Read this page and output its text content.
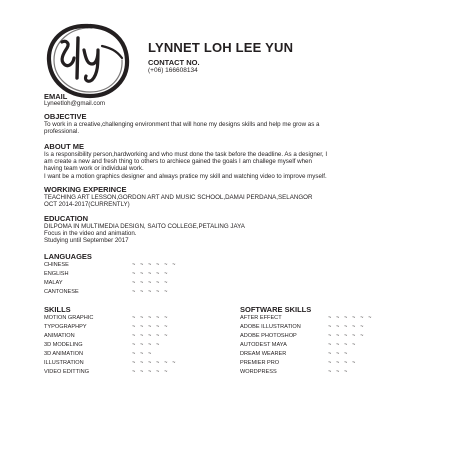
SLY
LYNNET LOH LEE YUN
CONTACT NO.
(+06) 166608134
EMAIL
Lyneetloh@gmail.com
OBJECTIVE
To work in a creative,challenging environment that will hone my designs skills and help me grow as a
professional.
ABOUT ME
Is a responsibility person,hardworking and who must done the task before the deadline. As a designer, I
am create a new and fresh thing to others to archiece gained the goals I am challege myself when
having team work or individual work.
I want be a motion graphics designer and always pratice my skill and watching video to improve myself.
WORKING EXPERINCE
TEACHING ART LESSON,GORDON ART AND MUSIC SCHOOL,DAMAI PERDANA,SELANGOR
OCT 2014-2017(CURRENTLY)
EDUCATION
DILPOMA IN MULTIMEDIA DESIGN, SAITO COLLEGE,PETALING JAYA
Focus in the video and animation.
Studying until September 2017
LANGUAGES
CHINESE	~ ~ ~ ~ ~ ~
ENGLISH	~ ~ ~ ~ ~
MALAY	~ ~ ~ ~ ~
CANTONESE	~ ~ ~ ~ ~
SKILLS
MOTION GRAPHIC	~ ~ ~ ~ ~
TYPOGRAPHPY	~ ~ ~ ~ ~
ANIMATION	~ ~ ~ ~ ~
3D MODELING	~ ~ ~ ~
3D ANIMATION	~ ~ ~
ILLUSTRATION	~ ~ ~ ~ ~ ~
VIDEO EDITTING	~ ~ ~ ~ ~
SOFTWARE SKILLS
AFTER EFFECT	~ ~ ~ ~ ~ ~
ADOBE ILLUSTRATION	~ ~ ~ ~ ~
ADOBE PHOTOSHOP	~ ~ ~ ~ ~
AUTODEST MAYA	~ ~ ~ ~
DREAM WEARER	~ ~ ~
PREMIER PRO	~ ~ ~ ~
WORDPRESS	~ ~ ~
